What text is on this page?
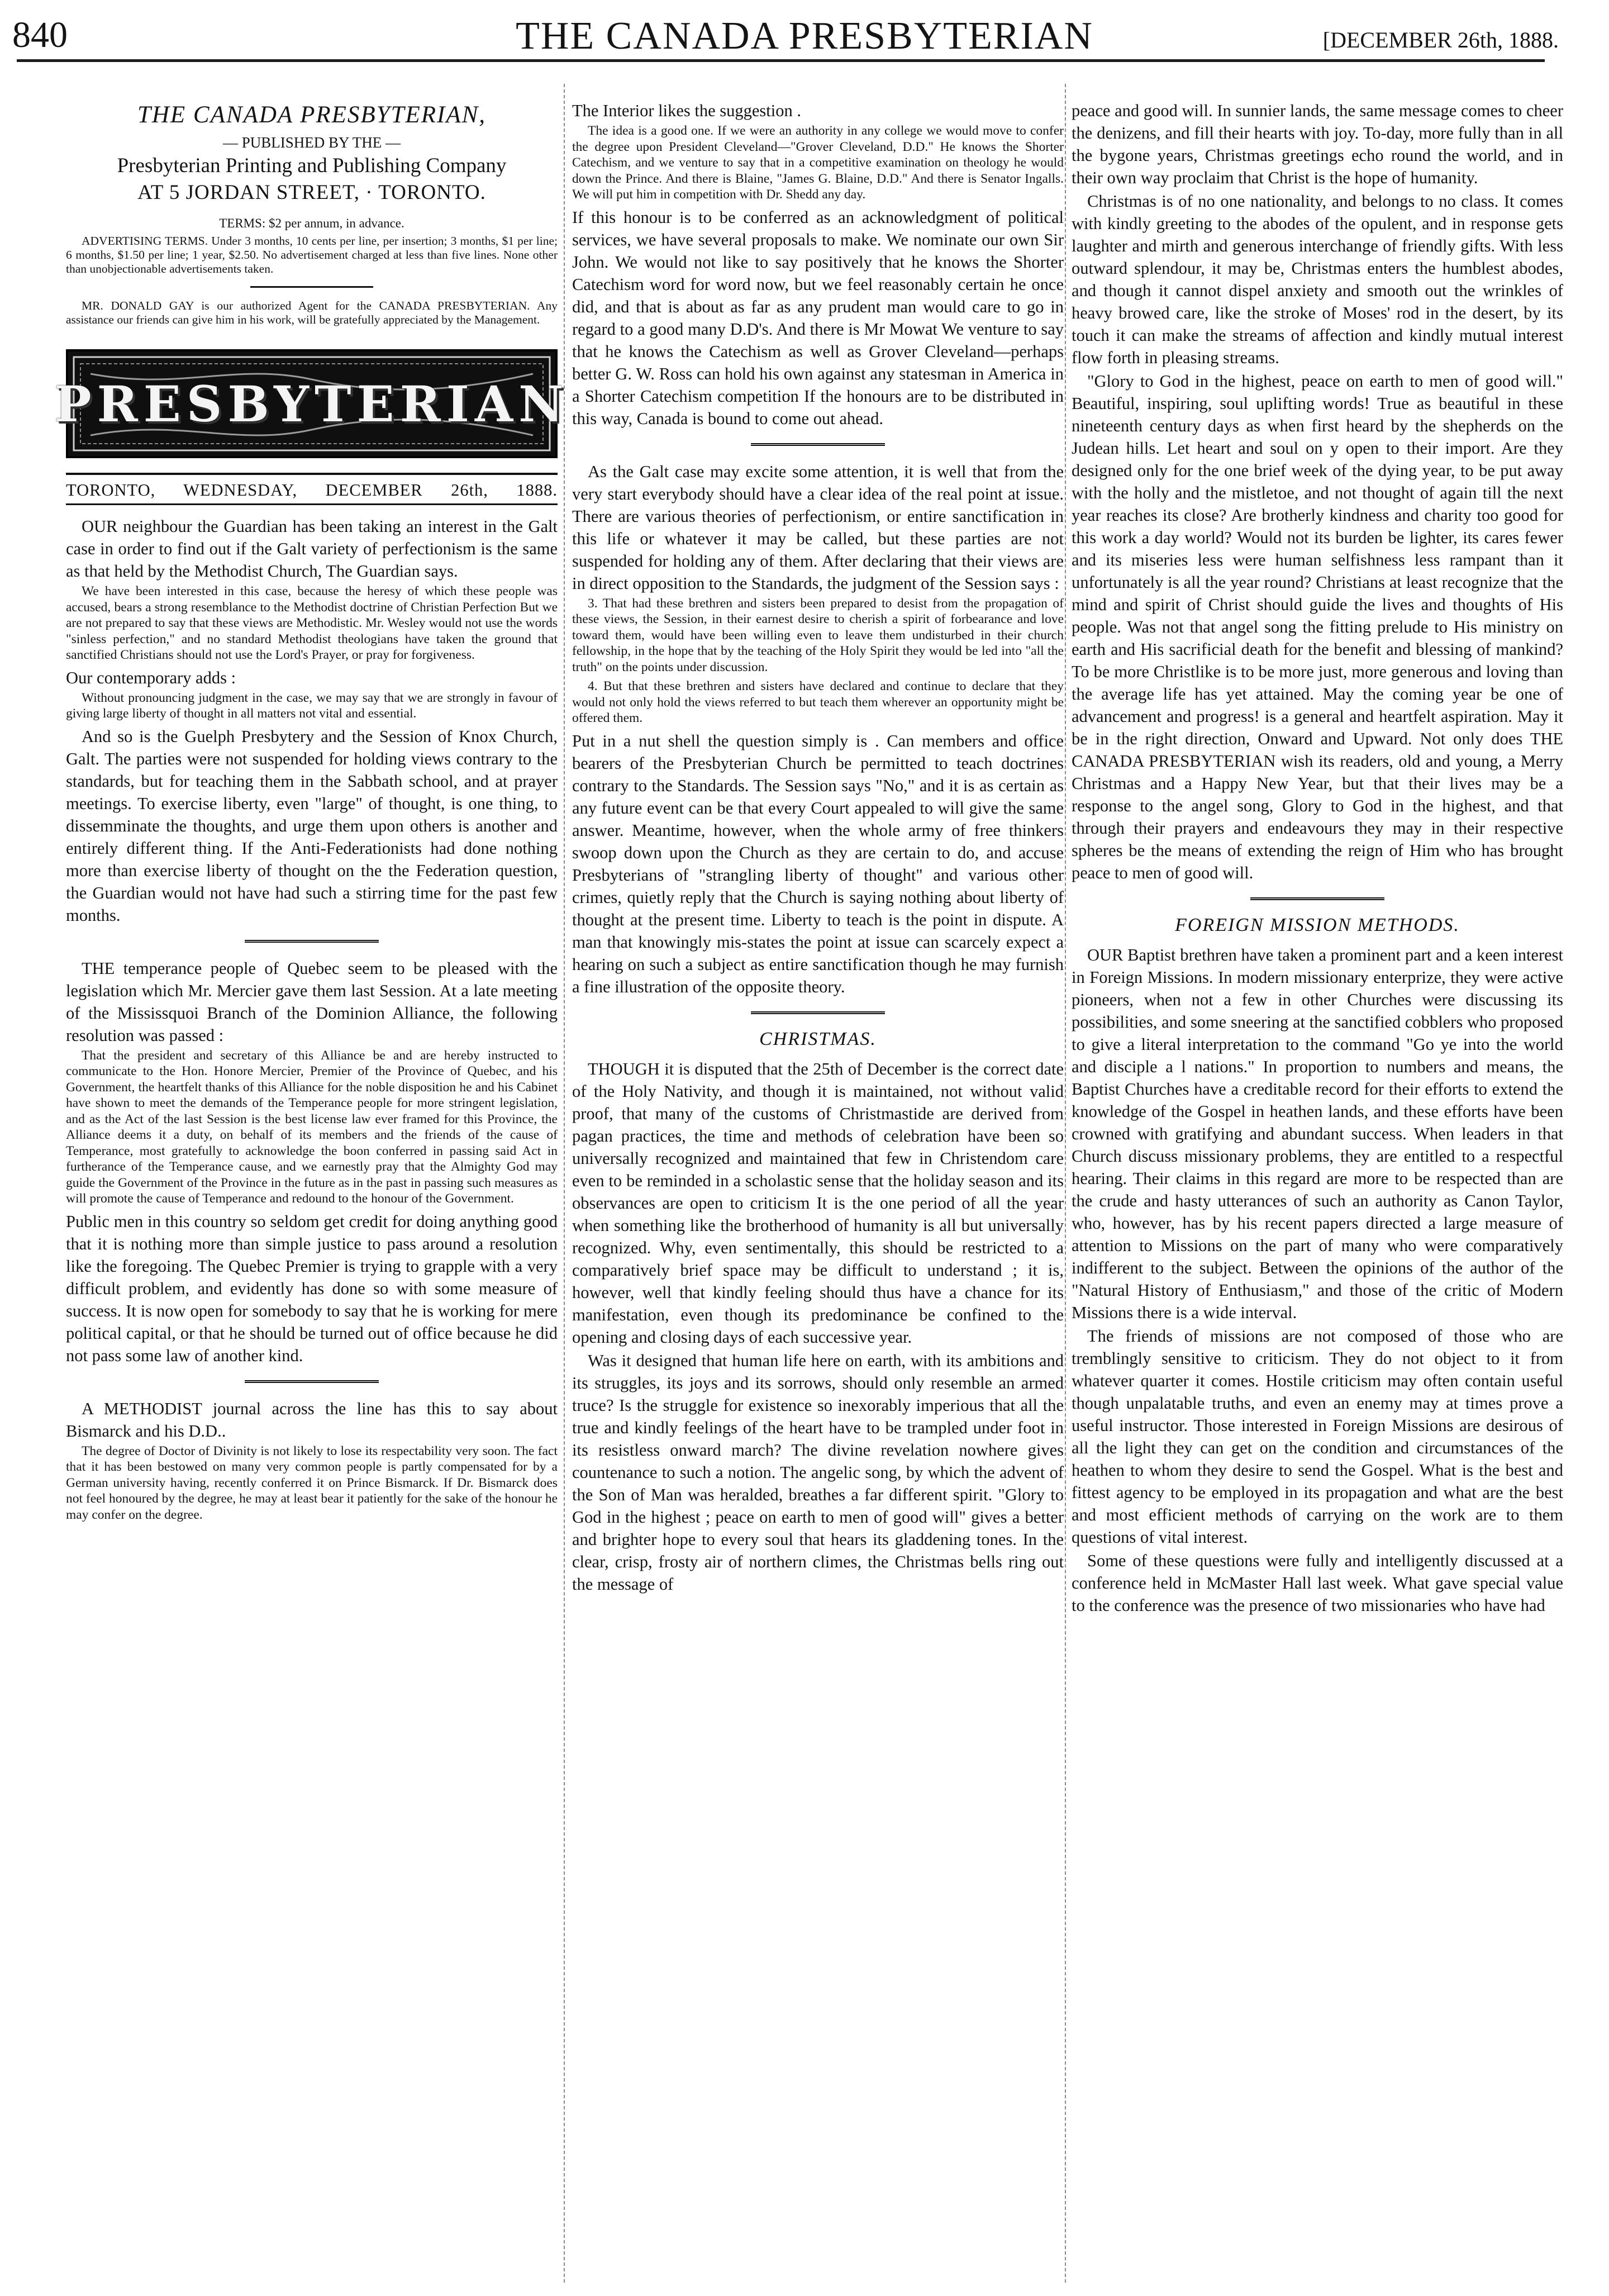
840	THE CANADA PRESBYTERIAN	[DECEMBER 26th, 1888.
THE CANADA PRESBYTERIAN,
— PUBLISHED BY THE —
Presbyterian Printing and Publishing Company
AT 5 JORDAN STREET, · TORONTO.
TERMS: $2 per annum, in advance.
ADVERTISING TERMS. Under 3 months, 10 cents per line, per insertion; 3 months, $1 per line; 6 months, $1.50 per line; 1 year, $2.50. No advertisement charged at less than five lines. None other than unobjectionable advertisements taken.
MR. DONALD GAY is our authorized Agent for the CANADA PRESBYTERIAN. Any assistance our friends can give him in his work, will be gratefully appreciated by the Management.
PRESBYTERIAN
TORONTO, WEDNESDAY, DECEMBER 26th, 1888.

OUR neighbour the Guardian has been taking an interest in the Galt case in order to find out if the Galt variety of perfectionism is the same as that held by the Methodist Church, The Guardian says.

We have been interested in this case, because the heresy of which these people was accused, bears a strong resemblance to the Methodist doctrine of Christian Perfection But we are not prepared to say that these views are Methodistic. Mr. Wesley would not use the words "sinless perfection," and no standard Methodist theologians have taken the ground that sanctified Christians should not use the Lord's Prayer, or pray for forgiveness.

Our contemporary adds :

Without pronouncing judgment in the case, we may say that we are strongly in favour of giving large liberty of thought in all matters not vital and essential.

And so is the Guelph Presbytery and the Session of Knox Church, Galt. The parties were not suspended for holding views contrary to the standards, but for teaching them in the Sabbath school, and at prayer meetings. To exercise liberty, even "large" of thought, is one thing, to dissemminate the thoughts, and urge them upon others is another and entirely different thing. If the Anti-Federationists had done nothing more than exercise liberty of thought on the the Federation question, the Guardian would not have had such a stirring time for the past few months.

THE temperance people of Quebec seem to be pleased with the legislation which Mr. Mercier gave them last Session. At a late meeting of the Mississquoi Branch of the Dominion Alliance, the following resolution was passed :

That the president and secretary of this Alliance be and are hereby instructed to communicate to the Hon. Honore Mercier, Premier of the Province of Quebec, and his Government, the heartfelt thanks of this Alliance for the noble disposition he and his Cabinet have shown to meet the demands of the Temperance people for more stringent legislation, and as the Act of the last Session is the best license law ever framed for this Province, the Alliance deems it a duty, on behalf of its members and the friends of the cause of Temperance, most gratefully to acknowledge the boon conferred in passing said Act in furtherance of the Temperance cause, and we earnestly pray that the Almighty God may guide the Government of the Province in the future as in the past in passing such measures as will promote the cause of Temperance and redound to the honour of the Government.

Public men in this country so seldom get credit for doing anything good that it is nothing more than simple justice to pass around a resolution like the foregoing. The Quebec Premier is trying to grapple with a very difficult problem, and evidently has done so with some measure of success. It is now open for somebody to say that he is working for mere political capital, or that he should be turned out of office because he did not pass some law of another kind.

A METHODIST journal across the line has this to say about Bismarck and his D.D..

The degree of Doctor of Divinity is not likely to lose its respectability very soon. The fact that it has been bestowed on many very common people is partly compensated for by a German university having, recently conferred it on Prince Bismarck. If Dr. Bismarck does not feel honoured by the degree, he may at least bear it patiently for the sake of the honour he may confer on the degree.

The Interior likes the suggestion .

The idea is a good one. If we were an authority in any college we would move to confer the degree upon President Cleveland—"Grover Cleveland, D.D." He knows the Shorter Catechism, and we venture to say that in a competitive examination on theology he would down the Prince. And there is Blaine, "James G. Blaine, D.D." And there is Senator Ingalls. We will put him in competition with Dr. Shedd any day.

If this honour is to be conferred as an acknowledgment of political services, we have several proposals to make. We nominate our own Sir John. We would not like to say positively that he knows the Shorter Catechism word for word now, but we feel reasonably certain he once did, and that is about as far as any prudent man would care to go in regard to a good many D.D's. And there is Mr Mowat We venture to say that he knows the Catechism as well as Grover Cleveland—perhaps better G. W. Ross can hold his own against any statesman in America in a Shorter Catechism competition If the honours are to be distributed in this way, Canada is bound to come out ahead.

As the Galt case may excite some attention, it is well that from the very start everybody should have a clear idea of the real point at issue. There are various theories of perfectionism, or entire sanctification in this life or whatever it may be called, but these parties are not suspended for holding any of them. After declaring that their views are in direct opposition to the Standards, the judgment of the Session says :

3. That had these brethren and sisters been prepared to desist from the propagation of these views, the Session, in their earnest desire to cherish a spirit of forbearance and love toward them, would have been willing even to leave them undisturbed in their church fellowship, in the hope that by the teaching of the Holy Spirit they would be led into "all the truth" on the points under discussion.
4. But that these brethren and sisters have declared and continue to declare that they would not only hold the views referred to but teach them wherever an opportunity might be offered them.

Put in a nut shell the question simply is . Can members and office bearers of the Presbyterian Church be permitted to teach doctrines contrary to the Standards. The Session says "No," and it is as certain as any future event can be that every Court appealed to will give the same answer. Meantime, however, when the whole army of free thinkers swoop down upon the Church as they are certain to do, and accuse Presbyterians of "strangling liberty of thought" and various other crimes, quietly reply that the Church is saying nothing about liberty of thought at the present time. Liberty to teach is the point in dispute. A man that knowingly mis-states the point at issue can scarcely expect a hearing on such a subject as entire sanctification though he may furnish a fine illustration of the opposite theory.

CHRISTMAS.

THOUGH it is disputed that the 25th of December is the correct date of the Holy Nativity, and though it is maintained, not without valid proof, that many of the customs of Christmastide are derived from pagan practices, the time and methods of celebration have been so universally recognized and maintained that few in Christendom care even to be reminded in a scholastic sense that the holiday season and its observances are open to criticism It is the one period of all the year when something like the brotherhood of humanity is all but universally recognized. Why, even sentimentally, this should be restricted to a comparatively brief space may be difficult to understand ; it is, however, well that kindly feeling should thus have a chance for its manifestation, even though its predominance be confined to the opening and closing days of each successive year.

Was it designed that human life here on earth, with its ambitions and its struggles, its joys and its sorrows, should only resemble an armed truce? Is the struggle for existence so inexorably imperious that all the true and kindly feelings of the heart have to be trampled under foot in its resistless onward march? The divine revelation nowhere gives countenance to such a notion. The angelic song, by which the advent of the Son of Man was heralded, breathes a far different spirit. "Glory to God in the highest ; peace on earth to men of good will" gives a better and brighter hope to every soul that hears its gladdening tones. In the clear, crisp, frosty air of northern climes, the Christmas bells ring out the message of

peace and good will. In sunnier lands, the same message comes to cheer the denizens, and fill their hearts with joy. To-day, more fully than in all the bygone years, Christmas greetings echo round the world, and in their own way proclaim that Christ is the hope of humanity.

Christmas is of no one nationality, and belongs to no class. It comes with kindly greeting to the abodes of the opulent, and in response gets laughter and mirth and generous interchange of friendly gifts. With less outward splendour, it may be, Christmas enters the humblest abodes, and though it cannot dispel anxiety and smooth out the wrinkles of heavy browed care, like the stroke of Moses' rod in the desert, by its touch it can make the streams of affection and kindly mutual interest flow forth in pleasing streams.

"Glory to God in the highest, peace on earth to men of good will." Beautiful, inspiring, soul uplifting words! True as beautiful in these nineteenth century days as when first heard by the shepherds on the Judean hills. Let heart and soul on y open to their import. Are they designed only for the one brief week of the dying year, to be put away with the holly and the mistletoe, and not thought of again till the next year reaches its close? Are brotherly kindness and charity too good for this work a day world? Would not its burden be lighter, its cares fewer and its miseries less were human selfishness less rampant than it unfortunately is all the year round? Christians at least recognize that the mind and spirit of Christ should guide the lives and thoughts of His people. Was not that angel song the fitting prelude to His ministry on earth and His sacrificial death for the benefit and blessing of mankind? To be more Christlike is to be more just, more generous and loving than the average life has yet attained. May the coming year be one of advancement and progress! is a general and heartfelt aspiration. May it be in the right direction, Onward and Upward. Not only does THE CANADA PRESBYTERIAN wish its readers, old and young, a Merry Christmas and a Happy New Year, but that their lives may be a response to the angel song, Glory to God in the highest, and that through their prayers and endeavours they may in their respective spheres be the means of extending the reign of Him who has brought peace to men of good will.

FOREIGN MISSION METHODS.

OUR Baptist brethren have taken a prominent part and a keen interest in Foreign Missions. In modern missionary enterprize, they were active pioneers, when not a few in other Churches were discussing its possibilities, and some sneering at the sanctified cobblers who proposed to give a literal interpretation to the command "Go ye into the world and disciple a l nations." In proportion to numbers and means, the Baptist Churches have a creditable record for their efforts to extend the knowledge of the Gospel in heathen lands, and these efforts have been crowned with gratifying and abundant success. When leaders in that Church discuss missionary problems, they are entitled to a respectful hearing. Their claims in this regard are more to be respected than are the crude and hasty utterances of such an authority as Canon Taylor, who, however, has by his recent papers directed a large measure of attention to Missions on the part of many who were comparatively indifferent to the subject. Between the opinions of the author of the "Natural History of Enthusiasm," and those of the critic of Modern Missions there is a wide interval.

The friends of missions are not composed of those who are tremblingly sensitive to criticism. They do not object to it from whatever quarter it comes. Hostile criticism may often contain useful though unpalatable truths, and even an enemy may at times prove a useful instructor. Those interested in Foreign Missions are desirous of all the light they can get on the condition and circumstances of the heathen to whom they desire to send the Gospel. What is the best and fittest agency to be employed in its propagation and what are the best and most efficient methods of carrying on the work are to them questions of vital interest.

Some of these questions were fully and intelligently discussed at a conference held in McMaster Hall last week. What gave special value to the conference was the presence of two missionaries who have had
